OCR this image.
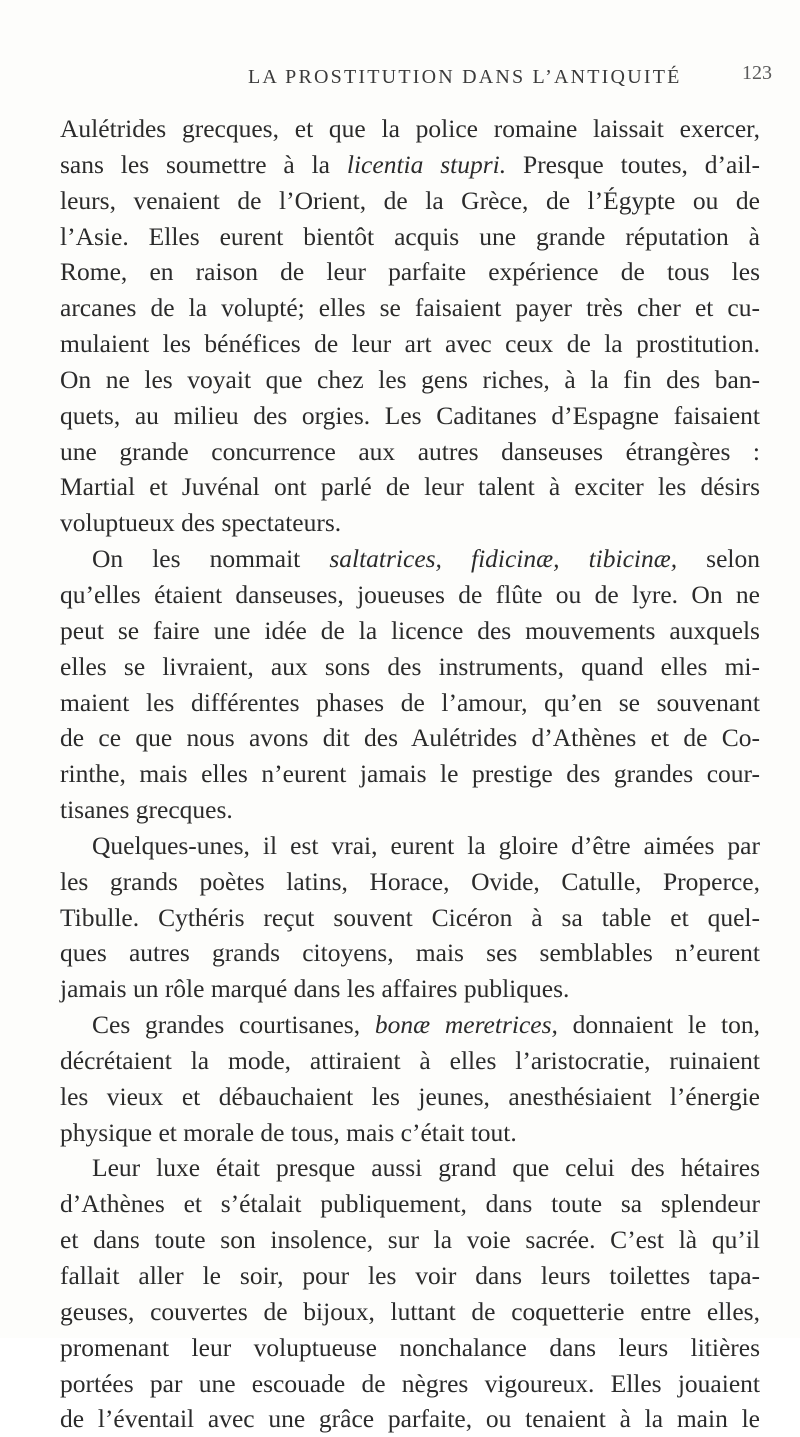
LA PROSTITUTION DANS L’ANTIQUITÉ	123
Aulétrides grecques, et que la police romaine laissait exercer,
sans les soumettre à la licentia stupri. Presque toutes, d’ail-
leurs, venaient de l’Orient, de la Grèce, de l’Égypte ou de
l’Asie. Elles eurent bientôt acquis une grande réputation à
Rome, en raison de leur parfaite expérience de tous les
arcanes de la volupté; elles se faisaient payer très cher et cu-
mulaient les bénéfices de leur art avec ceux de la prostitution.
On ne les voyait que chez les gens riches, à la fin des ban-
quets, au milieu des orgies. Les Caditanes d’Espagne faisaient
une grande concurrence aux autres danseuses étrangères :
Martial et Juvénal ont parlé de leur talent à exciter les désirs
voluptueux des spectateurs.
On les nommait saltatrices, fidicinæ, tibicinæ, selon
qu’elles étaient danseuses, joueuses de flûte ou de lyre. On ne
peut se faire une idée de la licence des mouvements auxquels
elles se livraient, aux sons des instruments, quand elles mi-
maient les différentes phases de l’amour, qu’en se souvenant
de ce que nous avons dit des Aulétrides d’Athènes et de Co-
rinthe, mais elles n’eurent jamais le prestige des grandes cour-
tisanes grecques.
Quelques-unes, il est vrai, eurent la gloire d’être aimées par
les grands poètes latins, Horace, Ovide, Catulle, Properce,
Tibulle. Cythéris reçut souvent Cicéron à sa table et quel-
ques autres grands citoyens, mais ses semblables n’eurent
jamais un rôle marqué dans les affaires publiques.
Ces grandes courtisanes, bonæ meretrices, donnaient le ton,
décrétaient la mode, attiraient à elles l’aristocratie, ruinaient
les vieux et débauchaient les jeunes, anesthésiaient l’énergie
physique et morale de tous, mais c’était tout.
Leur luxe était presque aussi grand que celui des hétaires
d’Athènes et s’étalait publiquement, dans toute sa splendeur
et dans toute son insolence, sur la voie sacrée. C’est là qu’il
fallait aller le soir, pour les voir dans leurs toilettes tapa-
geuses, couvertes de bijoux, luttant de coquetterie entre elles,
promenant leur voluptueuse nonchalance dans leurs litières
portées par une escouade de nègres vigoureux. Elles jouaient
de l’éventail avec une grâce parfaite, ou tenaient à la main le
